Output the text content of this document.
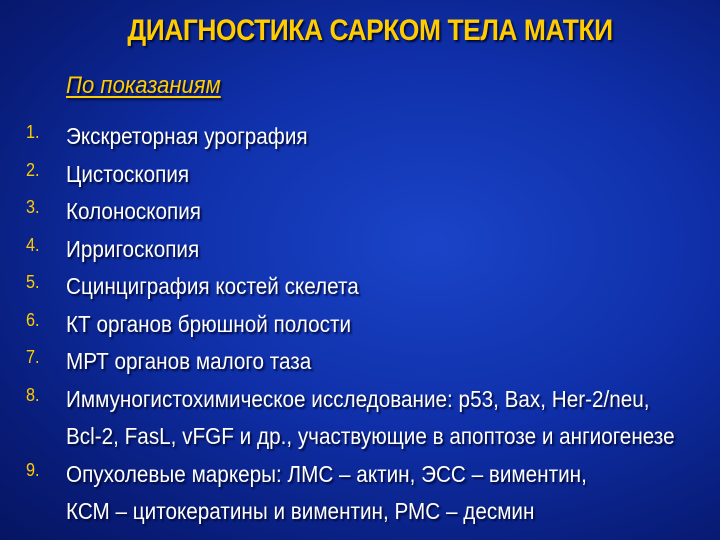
ДИАГНОСТИКА САРКОМ ТЕЛА МАТКИ
По показаниям
1. Экскреторная урография
2. Цистоскопия
3. Колоноскопия
4. Ирригоскопия
5. Сцинциграфия костей скелета
6. КТ органов брюшной полости
7. МРТ органов малого таза
8. Иммуногистохимическое исследование: p53, Bax, Her-2/neu,
Bcl-2, FasL, vFGF и др., участвующие в апоптозе и ангиогенезе
9. Опухолевые маркеры: ЛМС – актин, ЭСС – виментин,
КСМ – цитокератины и виментин, РМС – десмин
